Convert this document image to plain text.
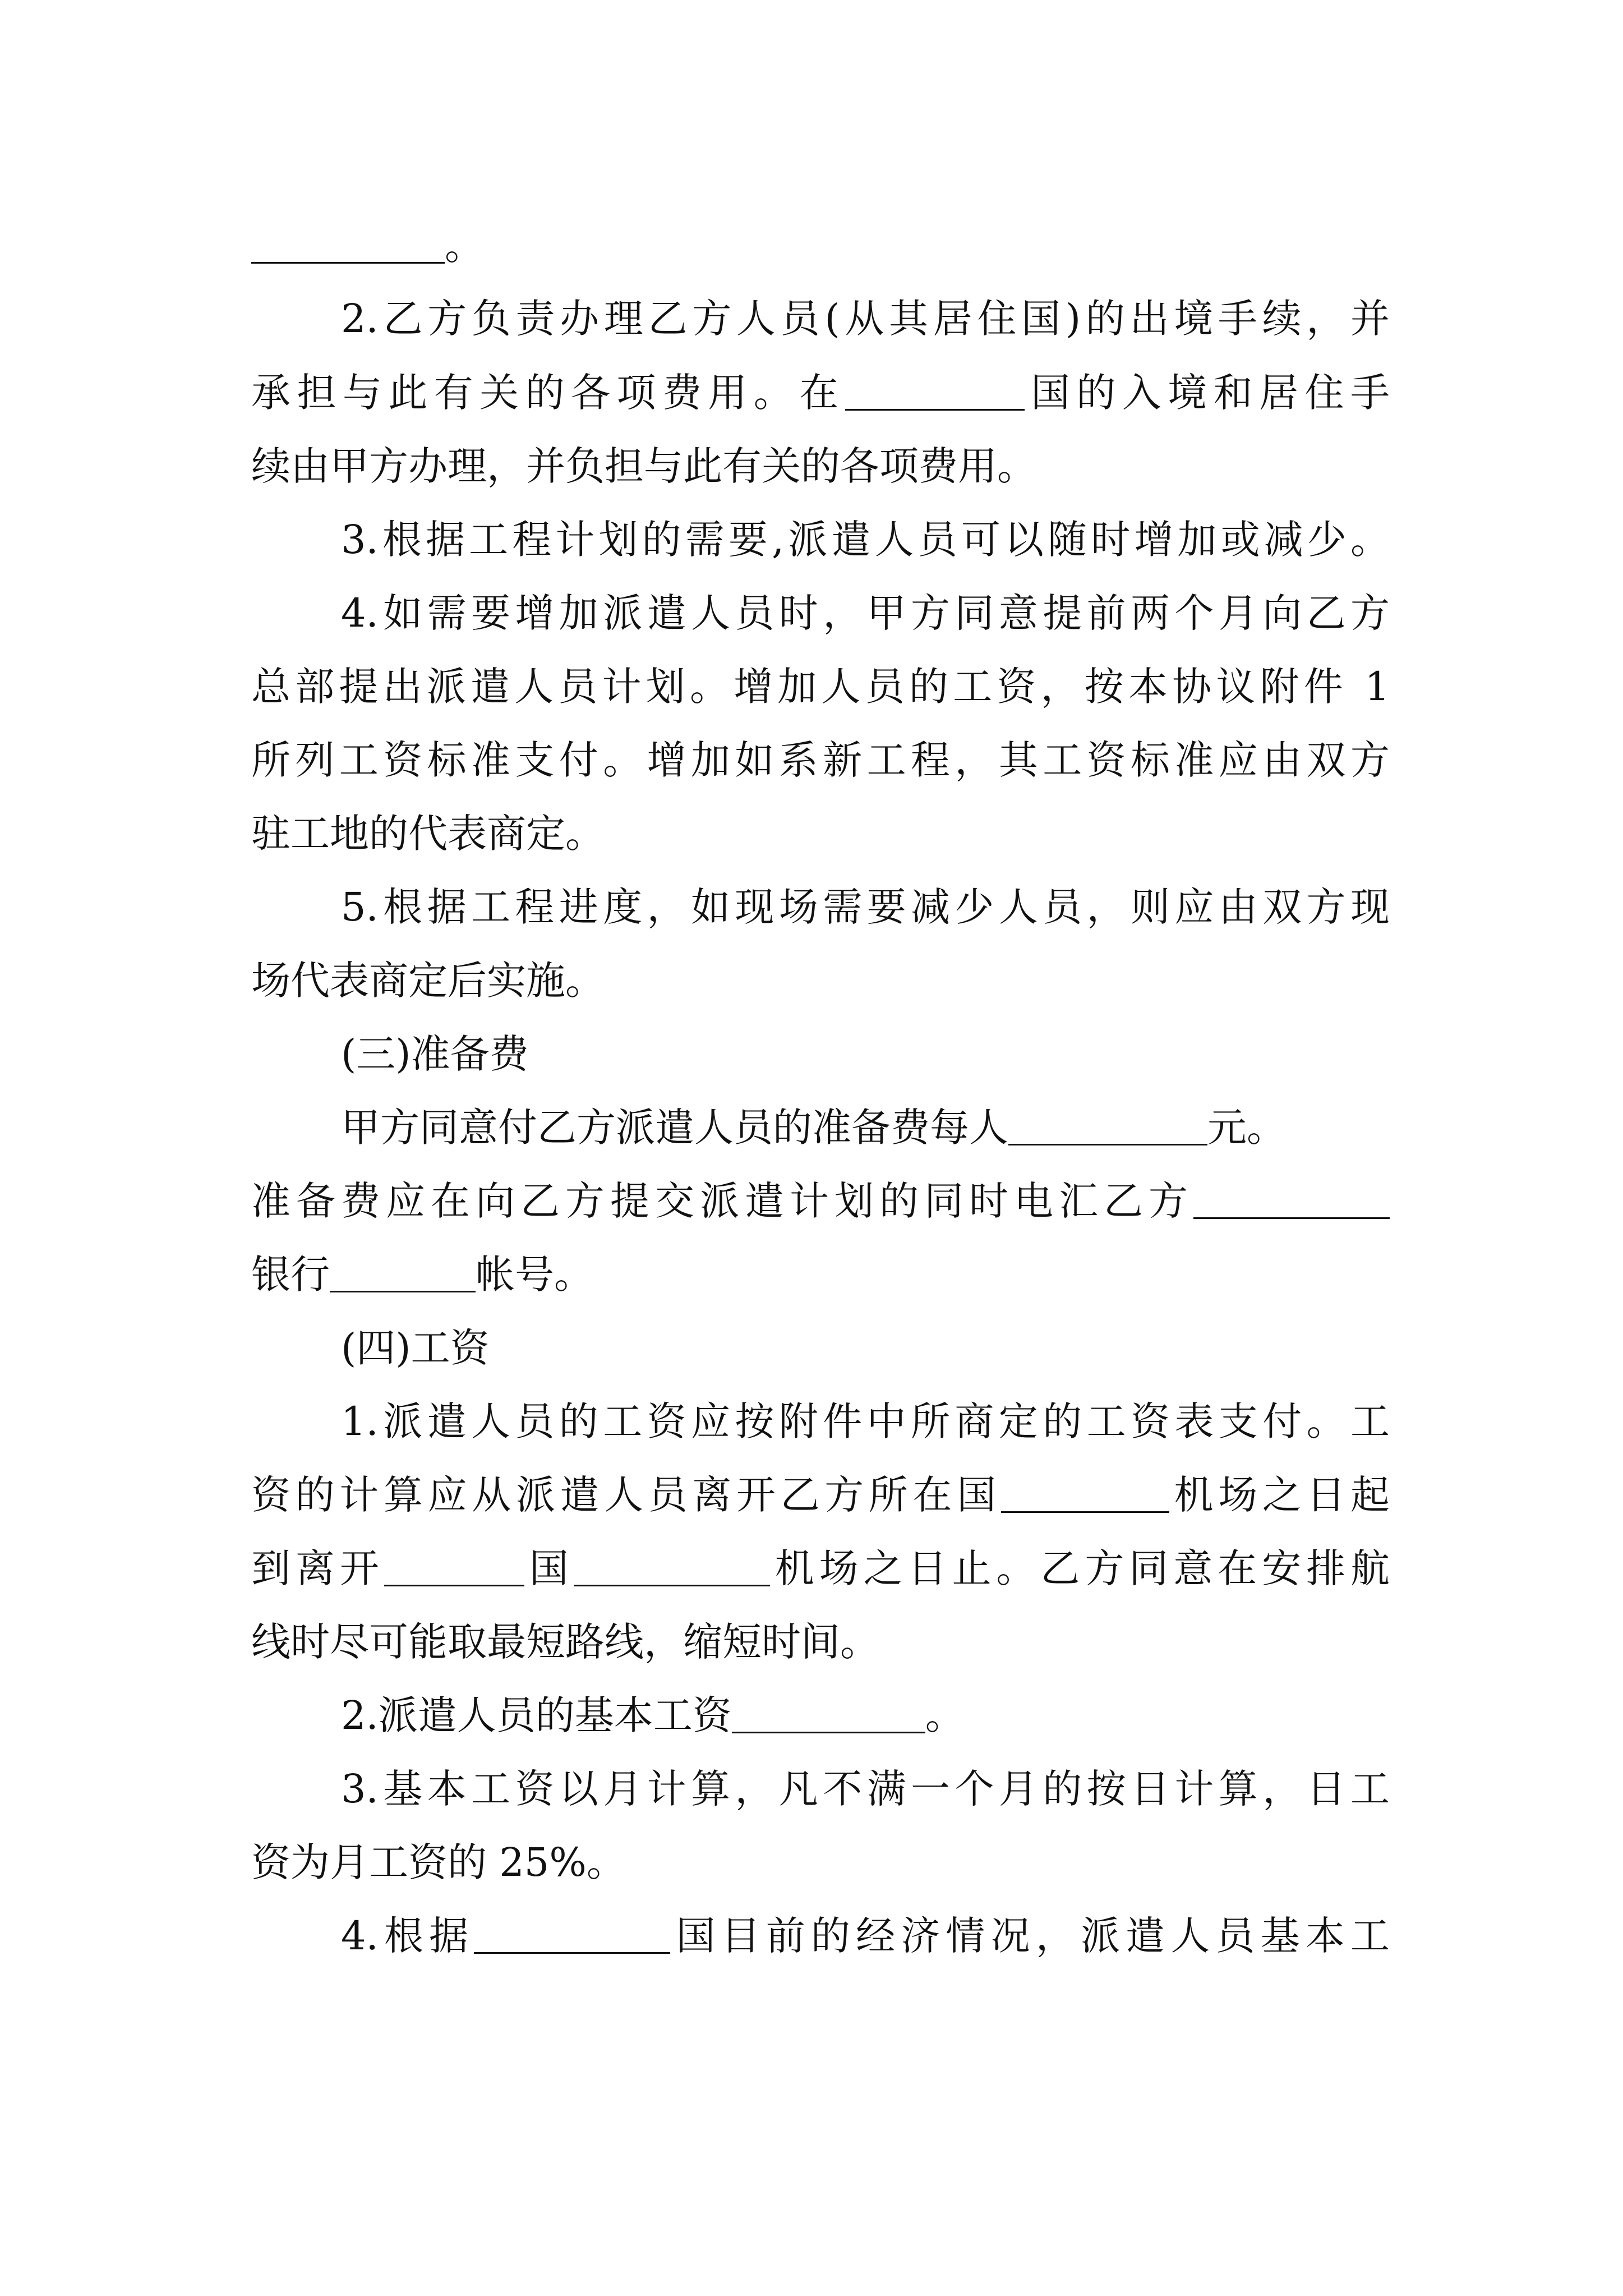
。
2.乙方负责办理乙方人员(从其居住国)的出境手续，并
承担与此有关的各项费用。在	国的入境和居住手
续由甲方办理，并负担与此有关的各项费用。
3.根据工程计划的需要,派遣人员可以随时增加或减少。
4.如需要增加派遣人员时，甲方同意提前两个月向乙方
总部提出派遣人员计划。增加人员的工资，按本协议附件 1
所列工资标准支付。增加如系新工程，其工资标准应由双方
驻工地的代表商定。
5.根据工程进度，如现场需要减少人员，则应由双方现
场代表商定后实施。
(三)准备费
甲方同意付乙方派遣人员的准备费每人	元。
准备费应在向乙方提交派遣计划的同时电汇乙方
银行	帐号。
(四)工资
1.派遣人员的工资应按附件中所商定的工资表支付。工
资的计算应从派遣人员离开乙方所在国	机场之日起
到离开	国	机场之日止。乙方同意在安排航
线时尽可能取最短路线，缩短时间。
2.派遣人员的基本工资	。
3.基本工资以月计算，凡不满一个月的按日计算，日工
资为月工资的 25%。
4.根据	国目前的经济情况，派遣人员基本工
